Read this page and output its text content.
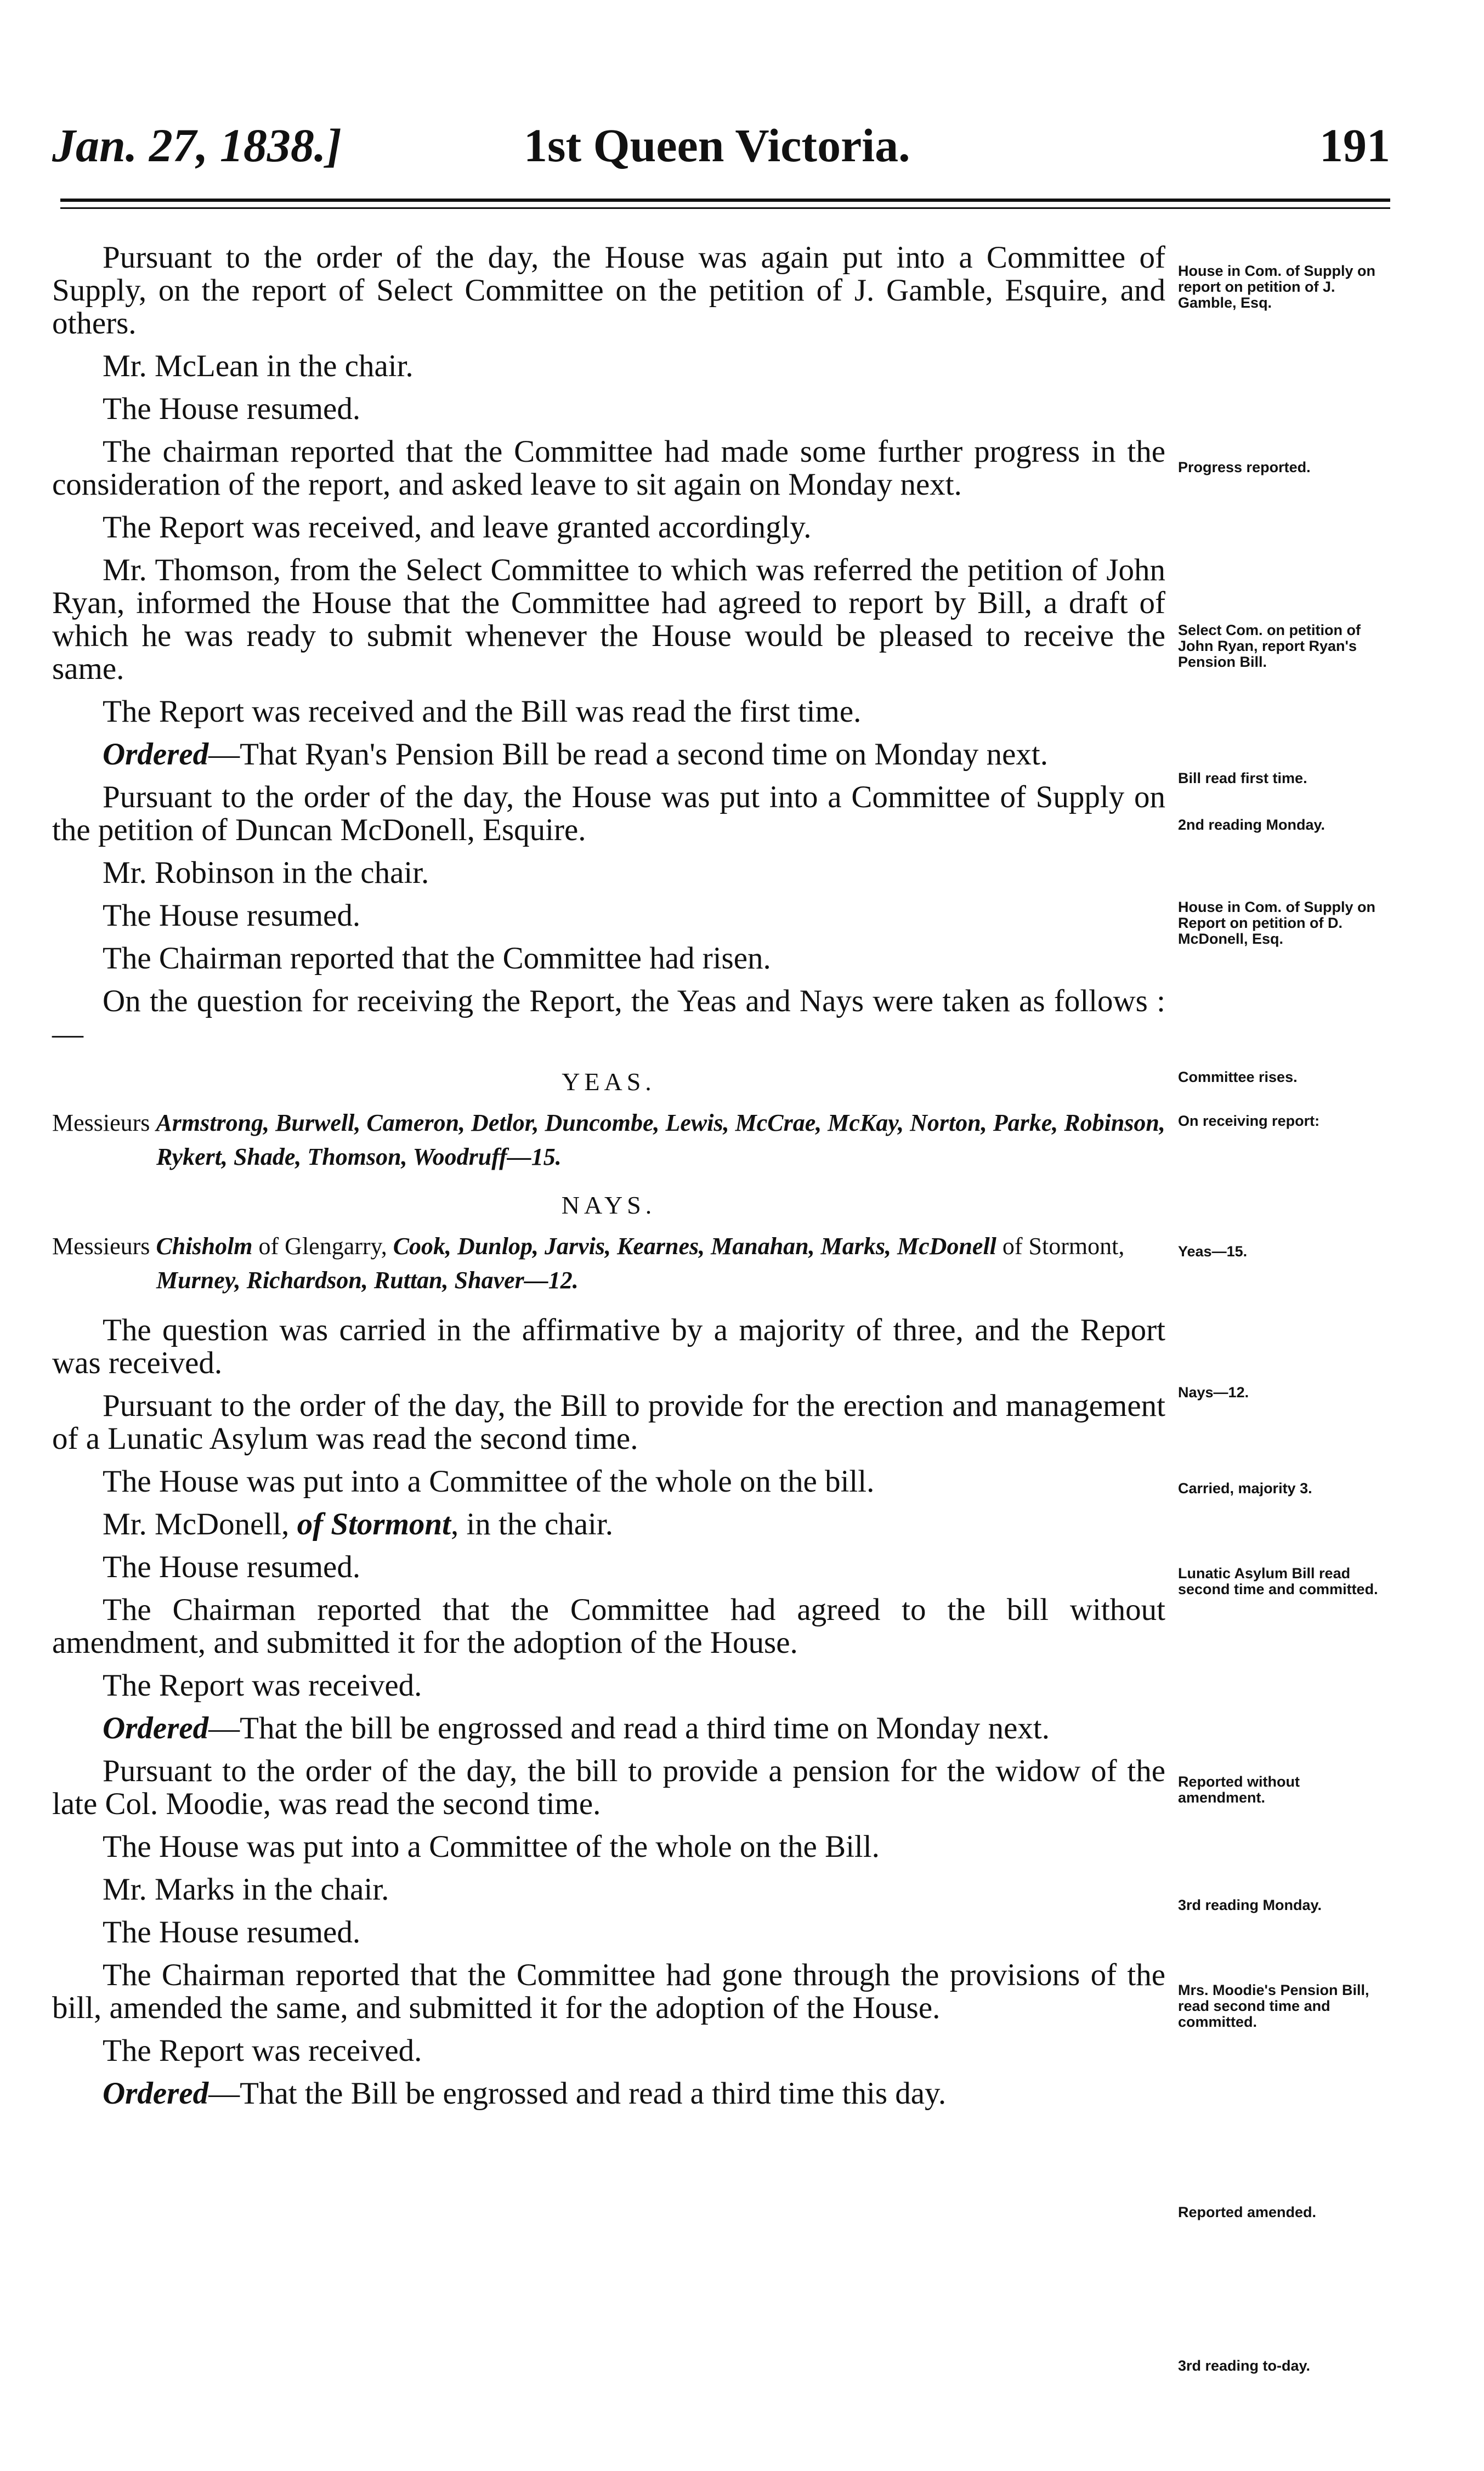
Jan. 27, 1838.]	1st Queen Victoria.	191

Pursuant to the order of the day, the House was again put into a Committee of Supply, on the report of Select Committee on the petition of J. Gamble, Esquire, and others.

Mr. McLean in the chair.

The House resumed.

The chairman reported that the Committee had made some further progress in the consideration of the report, and asked leave to sit again on Monday next.

The Report was received, and leave granted accordingly.

Mr. Thomson, from the Select Committee to which was referred the petition of John Ryan, informed the House that the Committee had agreed to report by Bill, a draft of which he was ready to submit whenever the House would be pleased to receive the same.

The Report was received and the Bill was read the first time.

Ordered—That Ryan's Pension Bill be read a second time on Monday next.

Pursuant to the order of the day, the House was put into a Committee of Supply on the petition of Duncan McDonell, Esquire.

Mr. Robinson in the chair.

The House resumed.

The Chairman reported that the Committee had risen.

On the question for receiving the Report, the Yeas and Nays were taken as follows :—

YEAS.
Messieurs Armstrong, Burwell, Cameron, Detlor, Duncombe, Lewis, McCrae, McKay, Norton, Parke, Robinson, Rykert, Shade, Thomson, Woodruff—15.
NAYS.
Messieurs Chisholm of Glengarry, Cook, Dunlop, Jarvis, Kearnes, Manahan, Marks, McDonell of Stormont, Murney, Richardson, Ruttan, Shaver—12.

The question was carried in the affirmative by a majority of three, and the Report was received.

Pursuant to the order of the day, the Bill to provide for the erection and management of a Lunatic Asylum was read the second time.

The House was put into a Committee of the whole on the bill.

Mr. McDonell, of Stormont, in the chair.

The House resumed.

The Chairman reported that the Committee had agreed to the bill without amendment, and submitted it for the adoption of the House.

The Report was received.

Ordered—That the bill be engrossed and read a third time on Monday next.

Pursuant to the order of the day, the bill to provide a pension for the widow of the late Col. Moodie, was read the second time.

The House was put into a Committee of the whole on the Bill.

Mr. Marks in the chair.

The House resumed.

The Chairman reported that the Committee had gone through the provisions of the bill, amended the same, and submitted it for the adoption of the House.

The Report was received.

Ordered—That the Bill be engrossed and read a third time this day.

House in Com. of Supply on report on petition of J. Gamble, Esq.
Progress reported.
Select Com. on petition of John Ryan, report Ryan's Pension Bill.
Bill read first time.
2nd reading Monday.
House in Com. of Supply on Report on petition of D. McDonell, Esq.
Committee rises.
On receiving report:
Yeas—15.
Nays—12.
Carried, majority 3.
Lunatic Asylum Bill read second time and committed.
Reported without amendment.
3rd reading Monday.
Mrs. Moodie's Pension Bill, read second time and committed.
Reported amended.
3rd reading to-day.
